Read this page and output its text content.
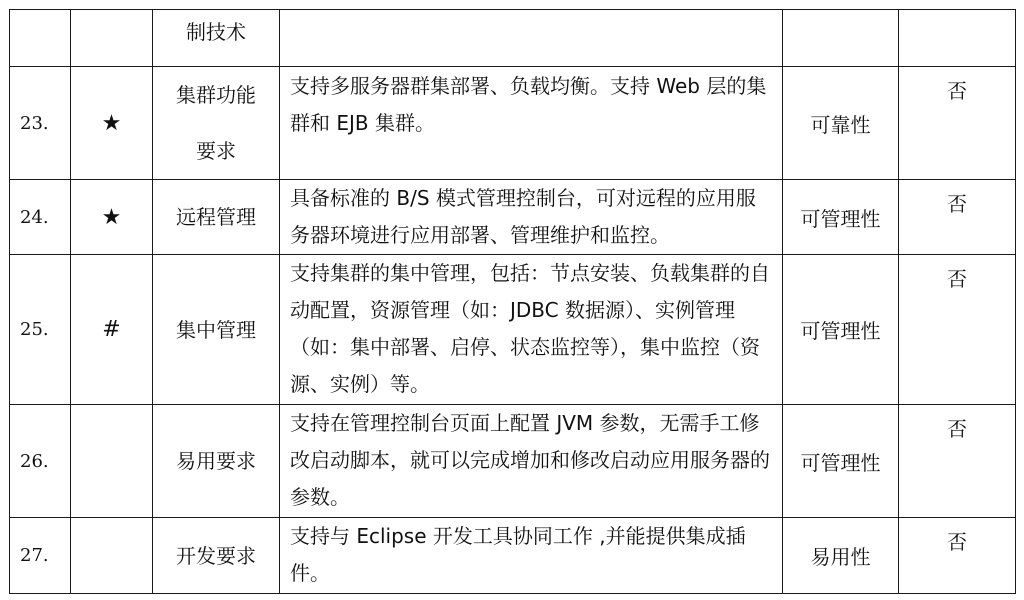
		制技术			
23.	★	集群功能要求	支持多服务器群集部署、负载均衡。支持 Web 层的集群和 EJB 集群。	可靠性	否
24.	★	远程管理	具备标准的 B/S 模式管理控制台，可对远程的应用服务器环境进行应用部署、管理维护和监控。	可管理性	否
25.	#	集中管理	支持集群的集中管理，包括：节点安装、负载集群的自动配置，资源管理（如：JDBC 数据源）、实例管理（如：集中部署、启停、状态监控等），集中监控（资源、实例）等。	可管理性	否
26.		易用要求	支持在管理控制台页面上配置 JVM 参数，无需手工修改启动脚本，就可以完成增加和修改启动应用服务器的参数。	可管理性	否
27.		开发要求	支持与 Eclipse 开发工具协同工作 ,并能提供集成插件。	易用性	否
